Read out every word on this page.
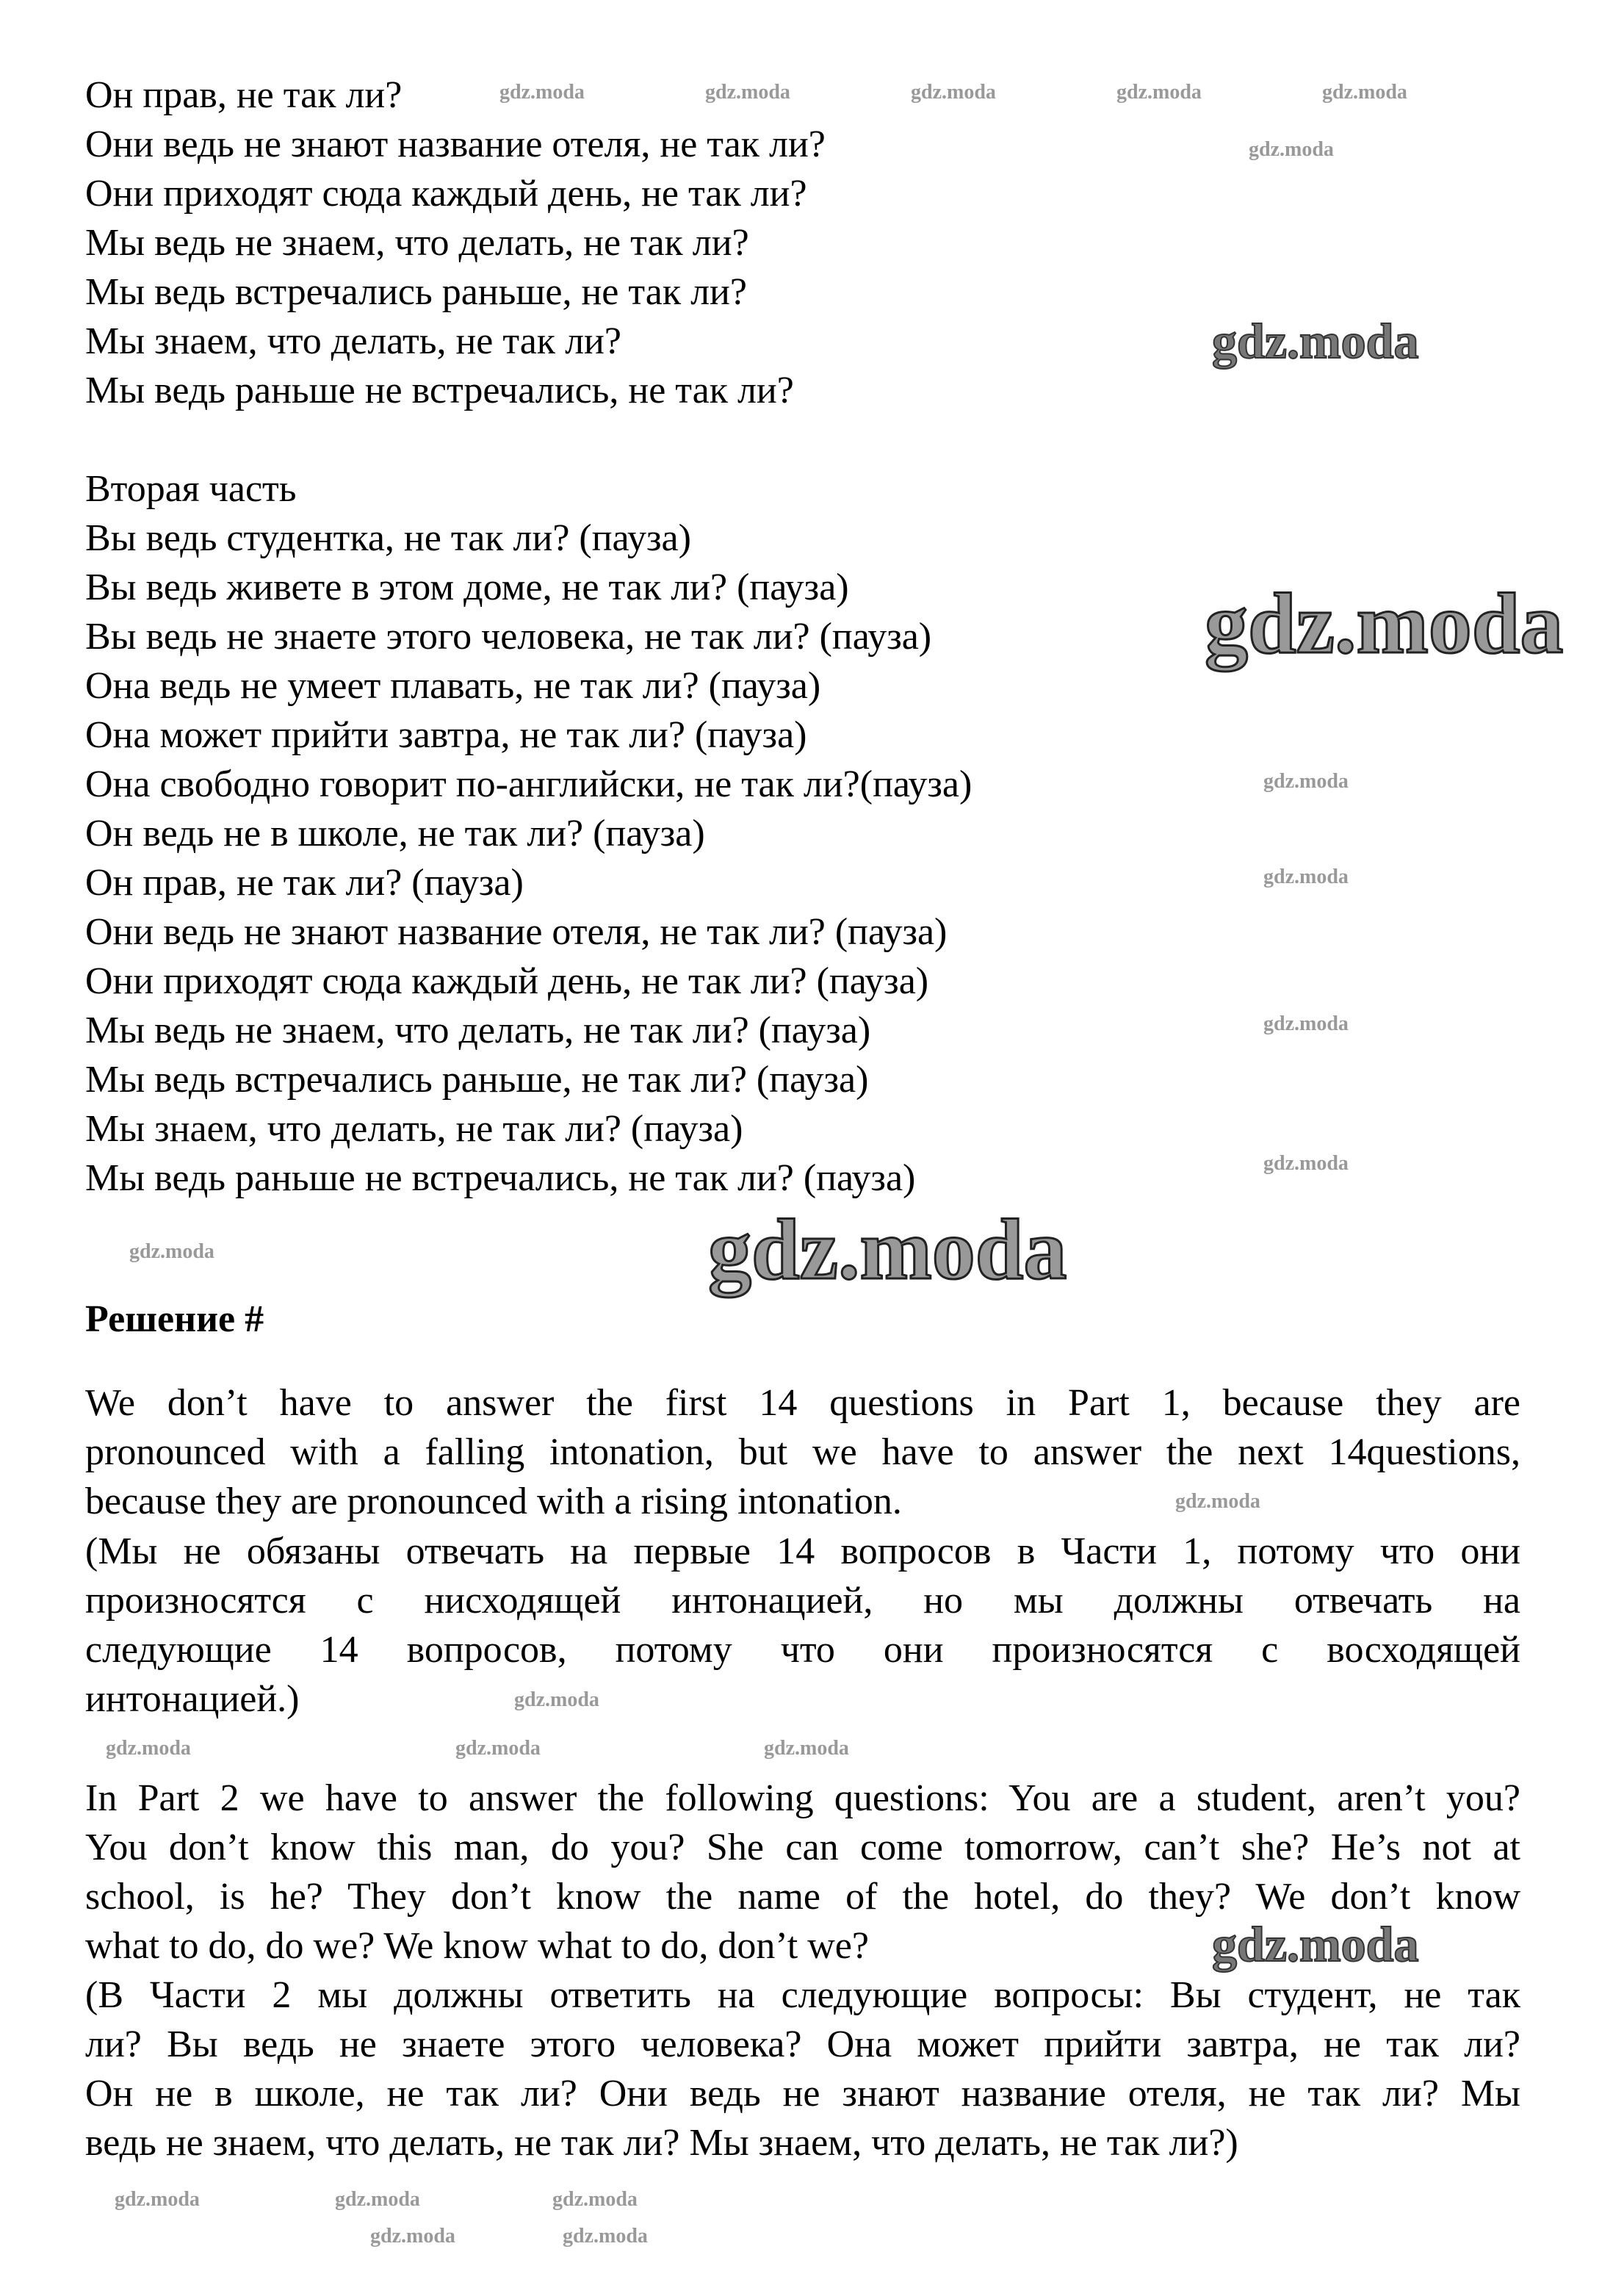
Он прав, не так ли?
Они ведь не знают название отеля, не так ли?
Они приходят сюда каждый день, не так ли?
Мы ведь не знаем, что делать, не так ли?
Мы ведь встречались раньше, не так ли?
Мы знаем, что делать, не так ли?
Мы ведь раньше не встречались, не так ли?
Вторая часть
Вы ведь студентка, не так ли? (пауза)
Вы ведь живете в этом доме, не так ли? (пауза)
Вы ведь не знаете этого человека, не так ли? (пауза)
Она ведь не умеет плавать, не так ли? (пауза)
Она может прийти завтра, не так ли? (пауза)
Она свободно говорит по-английски, не так ли?(пауза)
Он ведь не в школе, не так ли? (пауза)
Он прав, не так ли? (пауза)
Они ведь не знают название отеля, не так ли? (пауза)
Они приходят сюда каждый день, не так ли? (пауза)
Мы ведь не знаем, что делать, не так ли? (пауза)
Мы ведь встречались раньше, не так ли? (пауза)
Мы знаем, что делать, не так ли? (пауза)
Мы ведь раньше не встречались, не так ли? (пауза)
Решение #
We don’t have to answer the first 14 questions in Part 1, because they are
pronounced with a falling intonation, but we have to answer the next 14questions,
because they are pronounced with a rising intonation.
(Мы не обязаны отвечать на первые 14 вопросов в Части 1, потому что они
произносятся с нисходящей интонацией, но мы должны отвечать на
следующие 14 вопросов, потому что они произносятся с восходящей
интонацией.)
In Part 2 we have to answer the following questions: You are a student, aren’t you?
You don’t know this man, do you? She can come tomorrow, can’t she? He’s not at
school, is he? They don’t know the name of the hotel, do they? We don’t know
what to do, do we? We know what to do, don’t we?
(В Части 2 мы должны ответить на следующие вопросы: Вы студент, не так
ли? Вы ведь не знаете этого человека? Она может прийти завтра, не так ли?
Он не в школе, не так ли? Они ведь не знают название отеля, не так ли? Мы
ведь не знаем, что делать, не так ли? Мы знаем, что делать, не так ли?)
gdz.moda	gdz.moda	gdz.moda	gdz.moda	gdz.moda
gdz.moda
gdz.moda
gdz.moda
gdz.moda
gdz.moda
gdz.moda
gdz.moda
gdz.moda
gdz.moda
gdz.moda
gdz.moda
gdz.moda	gdz.moda	gdz.moda
gdz.moda
gdz.moda	gdz.moda
gdz.moda
gdz.moda	gdz.moda
